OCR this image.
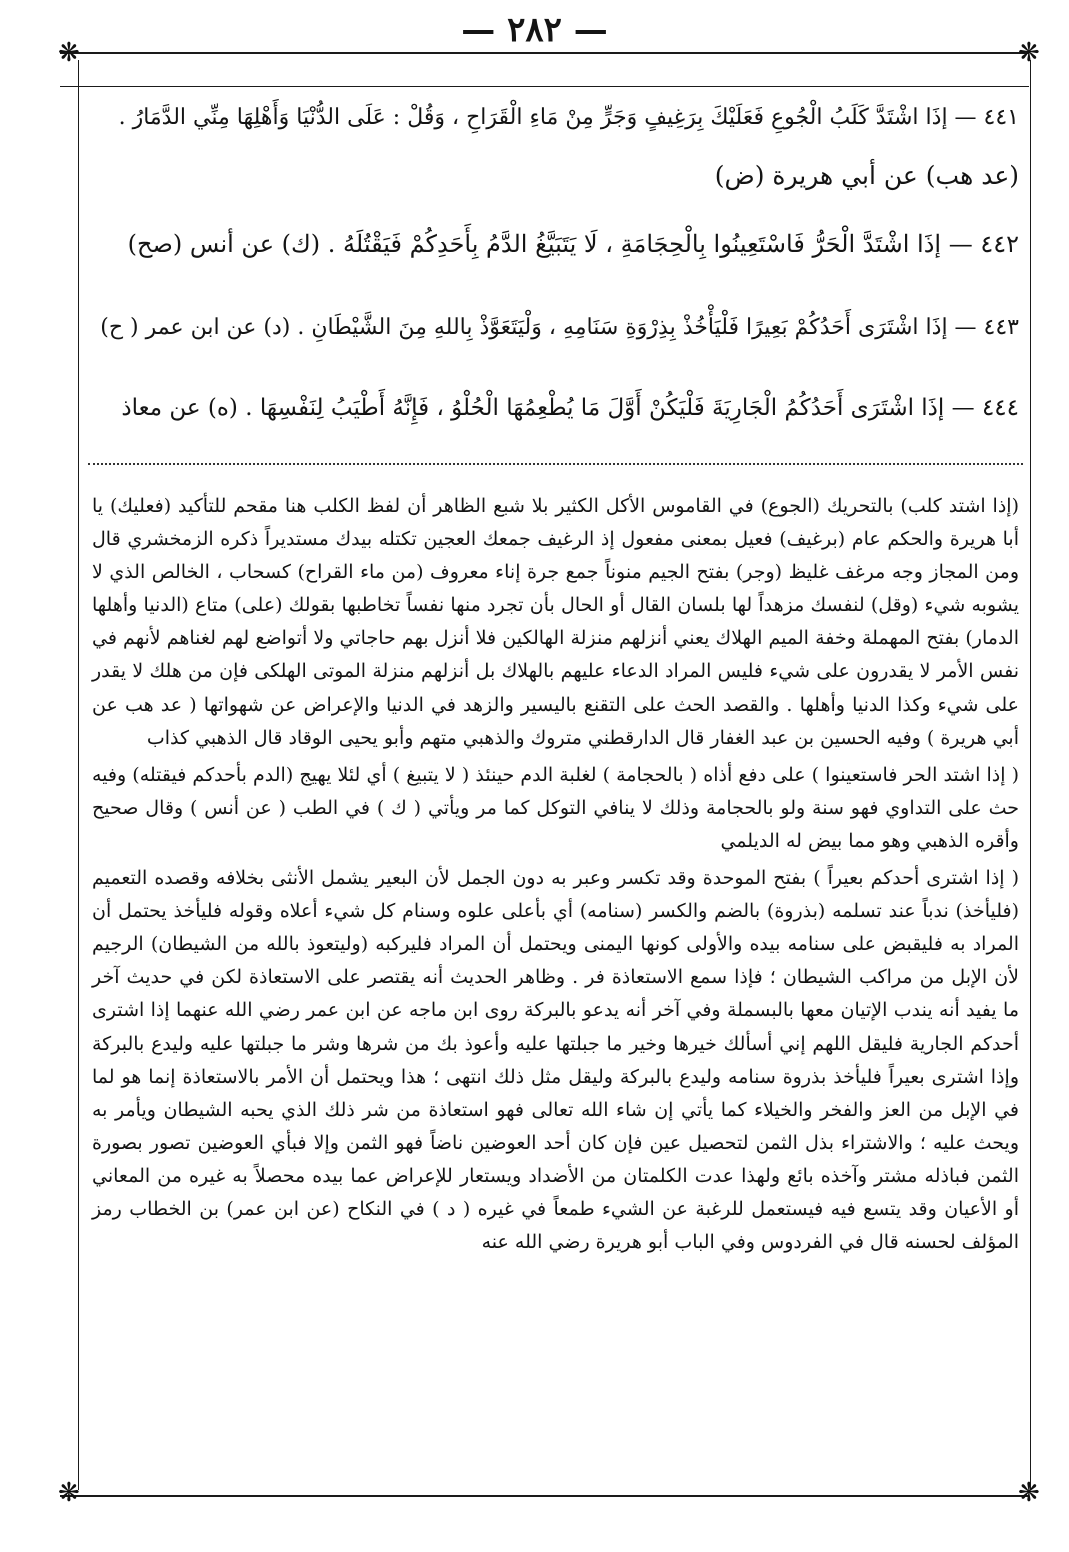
— ٢٨٢ —
❋	❋
❋	❋
٤٤١ — إذَا اشْتَدَّ كَلَبُ الْجُوعِ فَعَلَيْكَ بِرَغِيفٍ وَجَرٍّ مِنْ مَاءِ الْقَرَاحِ ، وَقُلْ : عَلَى الدُّنْيَا وَأَهْلِهَا مِنِّي الدَّمَارُ .
(عد هب) عن أبي هريرة (ض)
٤٤٢ — إذَا اشْتَدَّ الْحَرُّ فَاسْتَعِينُوا بِالْحِجَامَةِ ، لَا يَتَبَيَّغُ الدَّمُ بِأَحَدِكُمْ فَيَقْتُلَهُ . (ك) عن أنس (صح)
٤٤٣ — إذَا اشْتَرَى أَحَدُكُمْ بَعِيرًا فَلْيَأْخُذْ بِذِرْوَةِ سَنَامِهِ ، وَلْيَتَعَوَّذْ بِاللهِ مِنَ الشَّيْطَانِ . (د) عن ابن عمر ( ح)
٤٤٤ — إذَا اشْتَرَى أَحَدُكُمُ الْجَارِيَةَ فَلْيَكُنْ أَوَّلَ مَا يُطْعِمُهَا الْحُلْوُ ، فَإِنَّهُ أَطْيَبُ لِنَفْسِهَا . (ه) عن معاذ

(إذا اشتد كلب) بالتحريك (الجوع) في القاموس الأكل الكثير بلا شبع الظاهر أن لفظ الكلب هنا مقحم للتأكيد (فعليك) يا أبا هريرة والحكم عام (برغيف) فعيل بمعنى مفعول إذ الرغيف جمعك العجين تكتله بيدك مستديراً ذكره الزمخشري قال ومن المجاز وجه مرغف غليظ (وجر) بفتح الجيم منوناً جمع جرة إناء معروف (من ماء القراح) كسحاب ، الخالص الذي لا يشوبه شيء (وقل) لنفسك مزهداً لها بلسان القال أو الحال بأن تجرد منها نفساً تخاطبها بقولك (على) متاع (الدنيا وأهلها الدمار) بفتح المهملة وخفة الميم الهلاك يعني أنزلهم منزلة الهالكين فلا أنزل بهم حاجاتي ولا أتواضع لهم لغناهم لأنهم في نفس الأمر لا يقدرون على شيء فليس المراد الدعاء عليهم بالهلاك بل أنزلهم منزلة الموتى الهلكى فإن من هلك لا يقدر على شيء وكذا الدنيا وأهلها . والقصد الحث على التقنع باليسير والزهد في الدنيا والإعراض عن شهواتها ( عد هب عن أبي هريرة ) وفيه الحسين بن عبد الغفار قال الدارقطني متروك والذهبي متهم وأبو يحيى الوقاد قال الذهبي كذاب

( إذا اشتد الحر فاستعينوا ) على دفع أذاه ( بالحجامة ) لغلبة الدم حينئذ ( لا يتبيغ ) أي لئلا يهيج (الدم بأحدكم فيقتله) وفيه حث على التداوي فهو سنة ولو بالحجامة وذلك لا ينافي التوكل كما مر ويأتي ( ك ) في الطب ( عن أنس ) وقال صحيح وأقره الذهبي وهو مما بيض له الديلمي

( إذا اشترى أحدكم بعيراً ) بفتح الموحدة وقد تكسر وعبر به دون الجمل لأن البعير يشمل الأنثى بخلافه وقصده التعميم (فليأخذ) ندباً عند تسلمه (بذروة) بالضم والكسر (سنامه) أي بأعلى علوه وسنام كل شيء أعلاه وقوله فليأخذ يحتمل أن المراد به فليقبض على سنامه بيده والأولى كونها اليمنى ويحتمل أن المراد فليركبه (وليتعوذ بالله من الشيطان) الرجيم لأن الإبل من مراكب الشيطان ؛ فإذا سمع الاستعاذة فر . وظاهر الحديث أنه يقتصر على الاستعاذة لكن في حديث آخر ما يفيد أنه يندب الإتيان معها بالبسملة وفي آخر أنه يدعو بالبركة روى ابن ماجه عن ابن عمر رضي الله عنهما إذا اشترى أحدكم الجارية فليقل اللهم إني أسألك خيرها وخير ما جبلتها عليه وأعوذ بك من شرها وشر ما جبلتها عليه وليدع بالبركة وإذا اشترى بعيراً فليأخذ بذروة سنامه وليدع بالبركة وليقل مثل ذلك انتهى ؛ هذا ويحتمل أن الأمر بالاستعاذة إنما هو لما في الإبل من العز والفخر والخيلاء كما يأتي إن شاء الله تعالى فهو استعاذة من شر ذلك الذي يحبه الشيطان ويأمر به ويحث عليه ؛ والاشتراء بذل الثمن لتحصيل عين فإن كان أحد العوضين ناضاً فهو الثمن وإلا فبأي العوضين تصور بصورة الثمن فباذله مشتر وآخذه بائع ولهذا عدت الكلمتان من الأضداد ويستعار للإعراض عما بيده محصلاً به غيره من المعاني أو الأعيان وقد يتسع فيه فيستعمل للرغبة عن الشيء طمعاً في غيره ( د ) في النكاح (عن ابن عمر) بن الخطاب رمز المؤلف لحسنه قال في الفردوس وفي الباب أبو هريرة رضي الله عنه
